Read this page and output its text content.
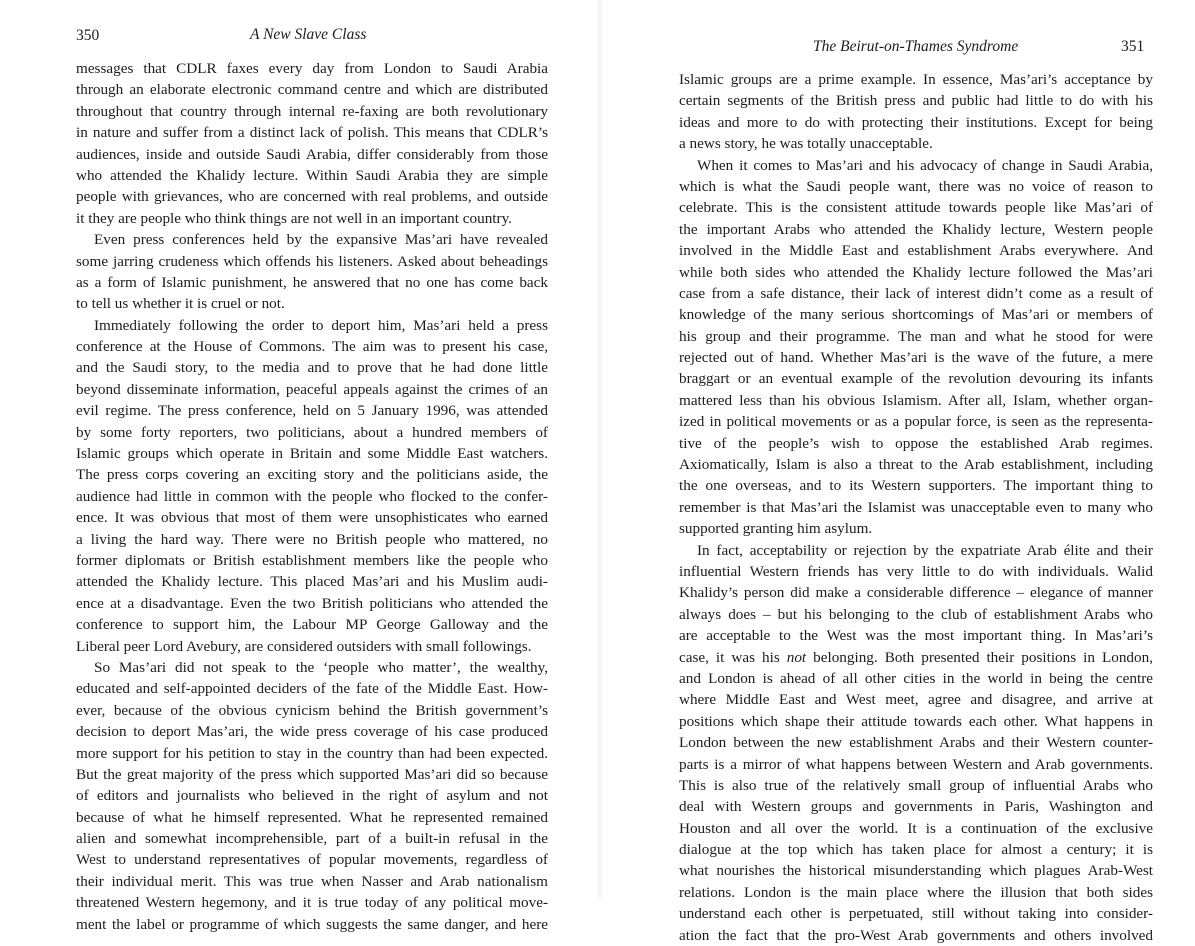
350	A New Slave Class
messages that CDLR faxes every day from London to Saudi Arabia
through an elaborate electronic command centre and which are distributed
throughout that country through internal re-faxing are both revolutionary
in nature and suffer from a distinct lack of polish. This means that CDLR’s
audiences, inside and outside Saudi Arabia, differ considerably from those
who attended the Khalidy lecture. Within Saudi Arabia they are simple
people with grievances, who are concerned with real problems, and outside
it they are people who think things are not well in an important country.
Even press conferences held by the expansive Mas’ari have revealed
some jarring crudeness which offends his listeners. Asked about beheadings
as a form of Islamic punishment, he answered that no one has come back
to tell us whether it is cruel or not.
Immediately following the order to deport him, Mas’ari held a press
conference at the House of Commons. The aim was to present his case,
and the Saudi story, to the media and to prove that he had done little
beyond disseminate information, peaceful appeals against the crimes of an
evil regime. The press conference, held on 5 January 1996, was attended
by some forty reporters, two politicians, about a hundred members of
Islamic groups which operate in Britain and some Middle East watchers.
The press corps covering an exciting story and the politicians aside, the
audience had little in common with the people who flocked to the confer-
ence. It was obvious that most of them were unsophisticates who earned
a living the hard way. There were no British people who mattered, no
former diplomats or British establishment members like the people who
attended the Khalidy lecture. This placed Mas’ari and his Muslim audi-
ence at a disadvantage. Even the two British politicians who attended the
conference to support him, the Labour MP George Galloway and the
Liberal peer Lord Avebury, are considered outsiders with small followings.
So Mas’ari did not speak to the ‘people who matter’, the wealthy,
educated and self-appointed deciders of the fate of the Middle East. How-
ever, because of the obvious cynicism behind the British government’s
decision to deport Mas’ari, the wide press coverage of his case produced
more support for his petition to stay in the country than had been expected.
But the great majority of the press which supported Mas’ari did so because
of editors and journalists who believed in the right of asylum and not
because of what he himself represented. What he represented remained
alien and somewhat incomprehensible, part of a built-in refusal in the
West to understand representatives of popular movements, regardless of
their individual merit. This was true when Nasser and Arab nationalism
threatened Western hegemony, and it is true today of any political move-
ment the label or programme of which suggests the same danger, and here
The Beirut-on-Thames Syndrome	351
Islamic groups are a prime example. In essence, Mas’ari’s acceptance by
certain segments of the British press and public had little to do with his
ideas and more to do with protecting their institutions. Except for being
a news story, he was totally unacceptable.
When it comes to Mas’ari and his advocacy of change in Saudi Arabia,
which is what the Saudi people want, there was no voice of reason to
celebrate. This is the consistent attitude towards people like Mas’ari of
the important Arabs who attended the Khalidy lecture, Western people
involved in the Middle East and establishment Arabs everywhere. And
while both sides who attended the Khalidy lecture followed the Mas’ari
case from a safe distance, their lack of interest didn’t come as a result of
knowledge of the many serious shortcomings of Mas’ari or members of
his group and their programme. The man and what he stood for were
rejected out of hand. Whether Mas’ari is the wave of the future, a mere
braggart or an eventual example of the revolution devouring its infants
mattered less than his obvious Islamism. After all, Islam, whether organ-
ized in political movements or as a popular force, is seen as the representa-
tive of the people’s wish to oppose the established Arab regimes.
Axiomatically, Islam is also a threat to the Arab establishment, including
the one overseas, and to its Western supporters. The important thing to
remember is that Mas’ari the Islamist was unacceptable even to many who
supported granting him asylum.
In fact, acceptability or rejection by the expatriate Arab élite and their
influential Western friends has very little to do with individuals. Walid
Khalidy’s person did make a considerable difference – elegance of manner
always does – but his belonging to the club of establishment Arabs who
are acceptable to the West was the most important thing. In Mas’ari’s
case, it was his not belonging. Both presented their positions in London,
and London is ahead of all other cities in the world in being the centre
where Middle East and West meet, agree and disagree, and arrive at
positions which shape their attitude towards each other. What happens in
London between the new establishment Arabs and their Western counter-
parts is a mirror of what happens between Western and Arab governments.
This is also true of the relatively small group of influential Arabs who
deal with Western groups and governments in Paris, Washington and
Houston and all over the world. It is a continuation of the exclusive
dialogue at the top which has taken place for almost a century; it is
what nourishes the historical misunderstanding which plagues Arab-West
relations. London is the main place where the illusion that both sides
understand each other is perpetuated, still without taking into consider-
ation the fact that the pro-West Arab governments and others involved
